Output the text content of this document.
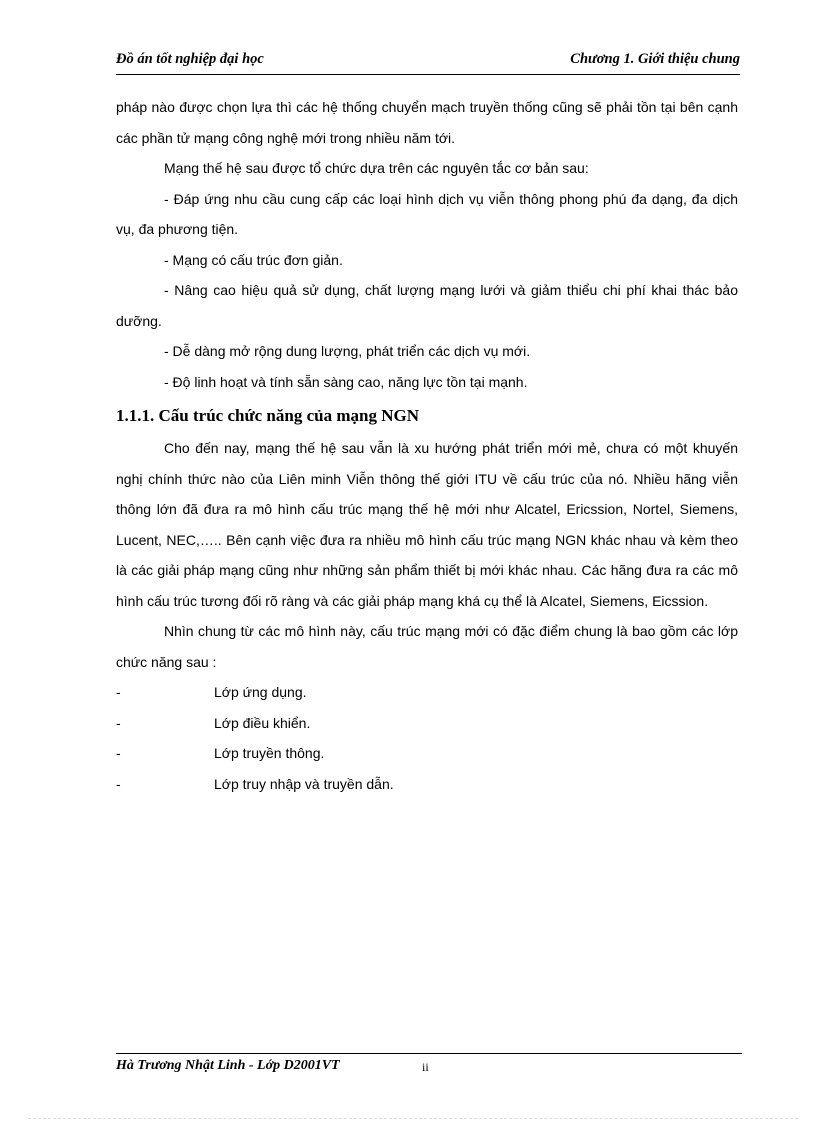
Đồ án tốt nghiệp đại học	Chương 1. Giới thiệu chung

pháp nào được chọn lựa thì các hệ thống chuyển mạch truyền thống cũng sẽ phải tồn tại bên cạnh các phần tử mạng công nghệ mới trong nhiều năm tới.

Mạng thế hệ sau được tổ chức dựa trên các nguyên tắc cơ bản sau:

- Đáp ứng nhu cầu cung cấp các loại hình dịch vụ viễn thông phong phú đa dạng, đa dịch vụ, đa phương tiện.

- Mạng có cấu trúc đơn giản.

- Nâng cao hiệu quả sử dụng, chất lượng mạng lưới và giảm thiểu chi phí khai thác bảo dưỡng.

- Dễ dàng mở rộng dung lượng, phát triển các dịch vụ mới.

- Độ linh hoạt và tính sẵn sàng cao, năng lực tồn tại mạnh.

1.1.1. Cấu trúc chức năng của mạng NGN

Cho đến nay, mạng thế hệ sau vẫn là xu hướng phát triển mới mẻ, chưa có một khuyến nghị chính thức nào của Liên minh Viễn thông thế giới ITU về cấu trúc của nó. Nhiều hãng viễn thông lớn đã đưa ra mô hình cấu trúc mạng thế hệ mới như Alcatel, Ericssion, Nortel, Siemens, Lucent, NEC,….. Bên cạnh việc đưa ra nhiều mô hình cấu trúc mạng NGN khác nhau và kèm theo là các giải pháp mạng cũng như những sản phẩm thiết bị mới khác nhau. Các hãng đưa ra các mô hình cấu trúc tương đối rõ ràng và các giải pháp mạng khá cụ thể là Alcatel, Siemens, Eicssion.

Nhìn chung từ các mô hình này, cấu trúc mạng mới có đặc điểm chung là bao gồm các lớp chức năng sau :

-	Lớp ứng dụng.
-	Lớp điều khiển.
-	Lớp truyền thông.
-	Lớp truy nhập và truyền dẫn.
Hà Trương Nhật Linh - Lớp D2001VT	ii
